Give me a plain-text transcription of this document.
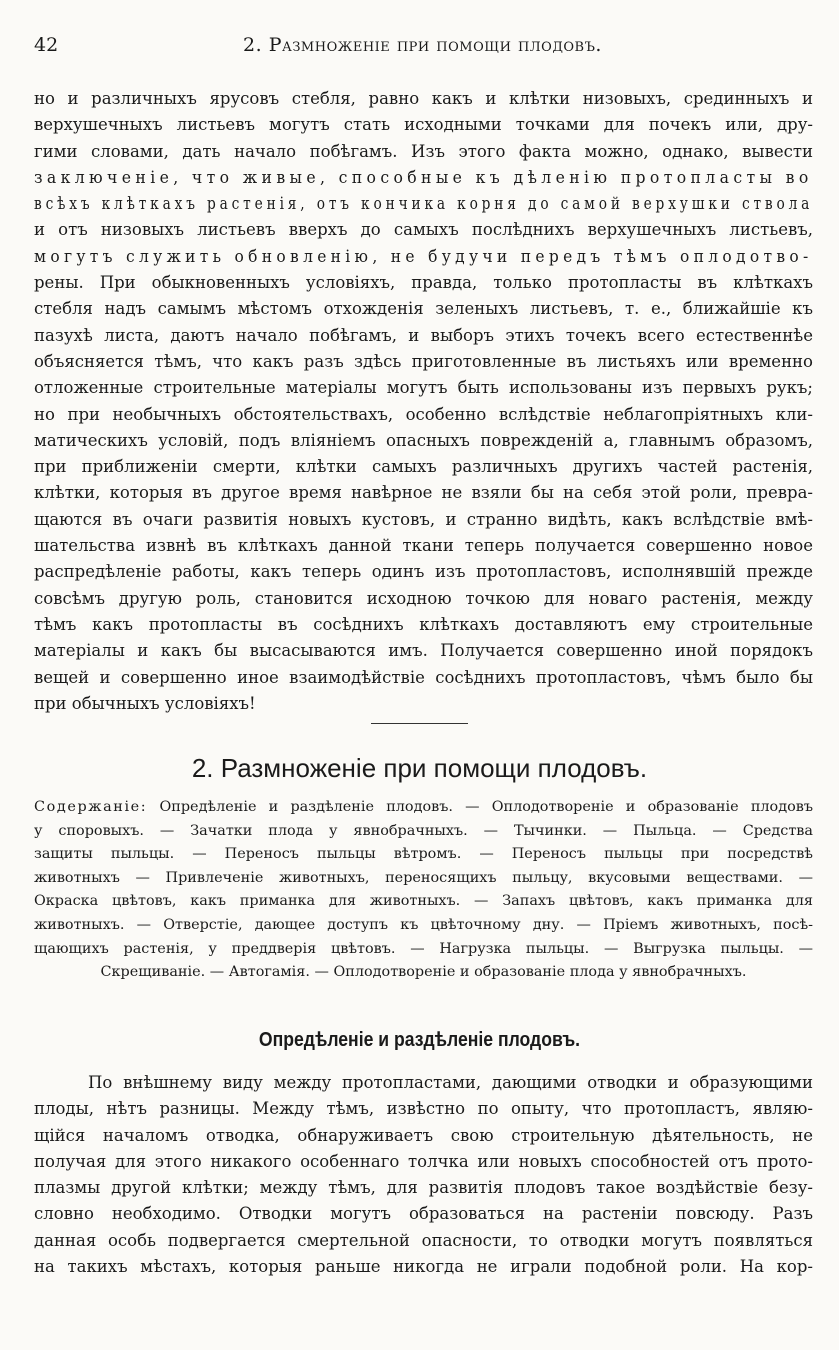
42	2. Размноженіе при помощи плодовъ.
но и различныхъ ярусовъ стебля, равно какъ и клѣтки низовыхъ, срединныхъ и
верхушечныхъ листьевъ могутъ стать исходными точками для почекъ или, дру-
гими словами, дать начало побѣгамъ. Изъ этого факта можно, однако, вывести
заключеніе, что живые, способные къ дѣленію протопласты во
всѣхъ клѣткахъ растенія, отъ кончика корня до самой верхушки ствола
и отъ низовыхъ листьевъ вверхъ до самыхъ послѣднихъ верхушечныхъ листьевъ,
могутъ служить обновленію, не будучи передъ тѣмъ оплодотво-
рены. При обыкновенныхъ условіяхъ, правда, только протопласты въ клѣткахъ
стебля надъ самымъ мѣстомъ отхожденія зеленыхъ листьевъ, т. е., ближайшіе къ
пазухѣ листа, даютъ начало побѣгамъ, и выборъ этихъ точекъ всего естественнѣе
объясняется тѣмъ, что какъ разъ здѣсь приготовленные въ листьяхъ или временно
отложенные строительные матеріалы могутъ быть использованы изъ первыхъ рукъ;
но при необычныхъ обстоятельствахъ, особенно вслѣдствіе неблагопріятныхъ кли-
матическихъ условій, подъ вліяніемъ опасныхъ поврежденій а, главнымъ образомъ,
при приближеніи смерти, клѣтки самыхъ различныхъ другихъ частей растенія,
клѣтки, которыя въ другое время навѣрное не взяли бы на себя этой роли, превра-
щаются въ очаги развитія новыхъ кустовъ, и странно видѣть, какъ вслѣдствіе вмѣ-
шательства извнѣ въ клѣткахъ данной ткани теперь получается совершенно новое
распредѣленіе работы, какъ теперь одинъ изъ протопластовъ, исполнявшій прежде
совсѣмъ другую роль, становится исходною точкою для новаго растенія, между
тѣмъ какъ протопласты въ сосѣднихъ клѣткахъ доставляютъ ему строительные
матеріалы и какъ бы высасываются имъ. Получается совершенно иной порядокъ
вещей и совершенно иное взаимодѣйствіе сосѣднихъ протопластовъ, чѣмъ было бы
при обычныхъ условіяхъ!
2. Размноженіе при помощи плодовъ.
Содержаніе: Опредѣленіе и раздѣленіе плодовъ. — Оплодотвореніе и образованіе плодовъ
у споровыхъ. — Зачатки плода у явнобрачныхъ. — Тычинки. — Пыльца. — Средства
защиты пыльцы. — Переносъ пыльцы вѣтромъ. — Переносъ пыльцы при посредствѣ
животныхъ — Привлеченіе животныхъ, переносящихъ пыльцу, вкусовыми веществами. —
Окраска цвѣтовъ, какъ приманка для животныхъ. — Запахъ цвѣтовъ, какъ приманка для
животныхъ. — Отверстіе, дающее доступъ къ цвѣточному дну. — Пріемъ животныхъ, посѣ-
щающихъ растенія, у преддверія цвѣтовъ. — Нагрузка пыльцы. — Выгрузка пыльцы. —
Скрещиваніе. — Автогамія. — Оплодотвореніе и образованіе плода у явнобрачныхъ.
Опредѣленіе и раздѣленіе плодовъ.
По внѣшнему виду между протопластами, дающими отводки и образующими
плоды, нѣтъ разницы. Между тѣмъ, извѣстно по опыту, что протопластъ, являю-
щійся началомъ отводка, обнаруживаетъ свою строительную дѣятельность, не
получая для этого никакого особеннаго толчка или новыхъ способностей отъ прото-
плазмы другой клѣтки; между тѣмъ, для развитія плодовъ такое воздѣйствіе безу-
словно необходимо. Отводки могутъ образоваться на растеніи повсюду. Разъ
данная особь подвергается смертельной опасности, то отводки могутъ появляться
на такихъ мѣстахъ, которыя раньше никогда не играли подобной роли. На кор-
